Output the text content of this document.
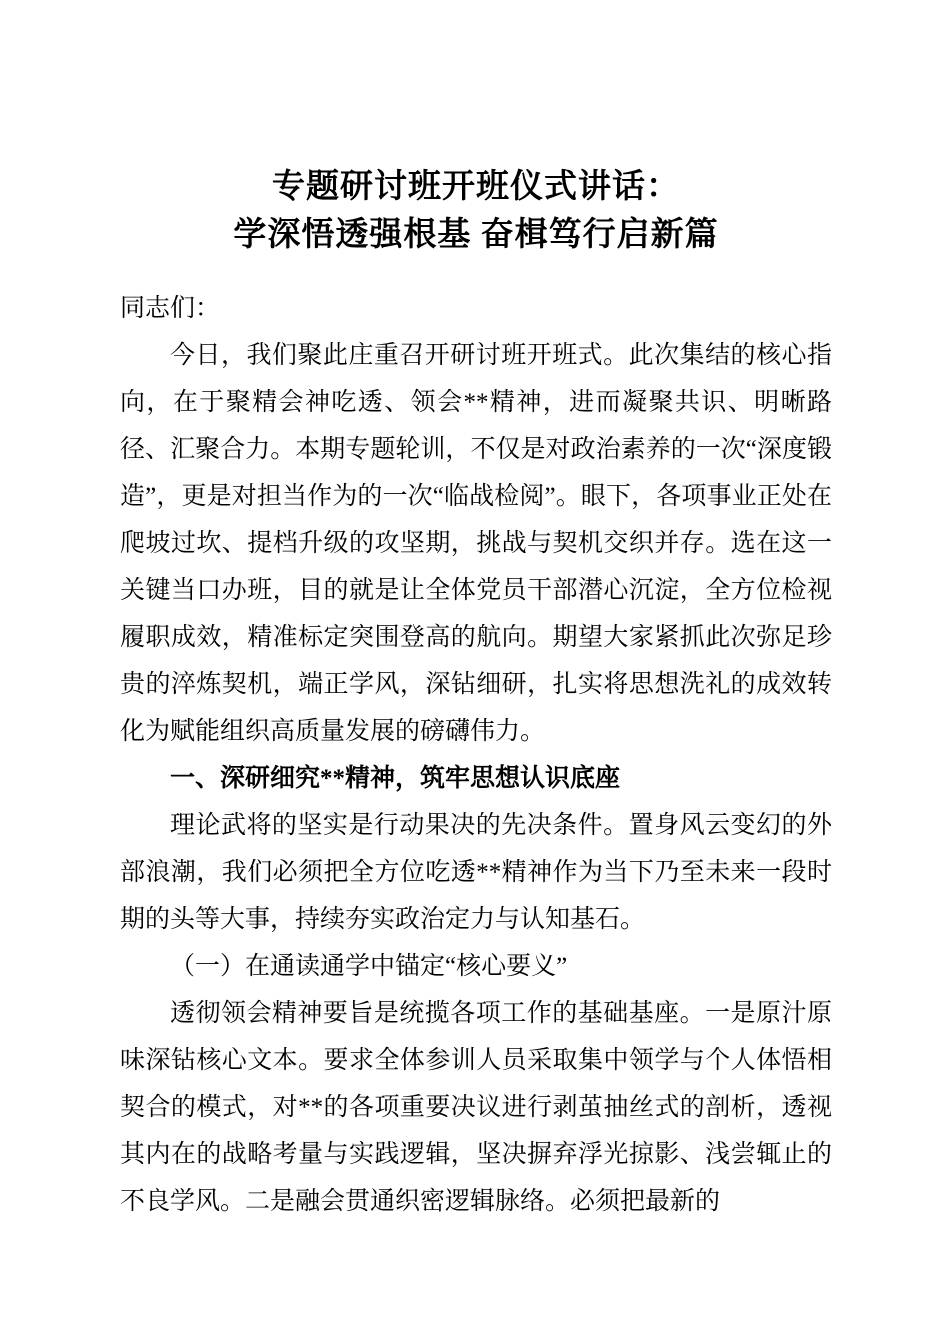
专题研讨班开班仪式讲话：
学深悟透强根基 奋楫笃行启新篇

同志们：

今日，我们聚此庄重召开研讨班开班式。此次集结的核心指向，在于聚精会神吃透、领会**精神，进而凝聚共识、明晰路径、汇聚合力。本期专题轮训，不仅是对政治素养的一次“深度锻造”，更是对担当作为的一次“临战检阅”。眼下，各项事业正处在爬坡过坎、提档升级的攻坚期，挑战与契机交织并存。选在这一关键当口办班，目的就是让全体党员干部潜心沉淀，全方位检视履职成效，精准标定突围登高的航向。期望大家紧抓此次弥足珍贵的淬炼契机，端正学风，深钻细研，扎实将思想洗礼的成效转化为赋能组织高质量发展的磅礴伟力。

一、深研细究**精神，筑牢思想认识底座

理论武将的坚实是行动果决的先决条件。置身风云变幻的外部浪潮，我们必须把全方位吃透**精神作为当下乃至未来一段时期的头等大事，持续夯实政治定力与认知基石。

（一）在通读通学中锚定“核心要义”

透彻领会精神要旨是统揽各项工作的基础基座。一是原汁原味深钻核心文本。要求全体参训人员采取集中领学与个人体悟相契合的模式，对**的各项重要决议进行剥茧抽丝式的剖析，透视其内在的战略考量与实践逻辑，坚决摒弃浮光掠影、浅尝辄止的不良学风。二是融会贯通织密逻辑脉络。必须把最新的
